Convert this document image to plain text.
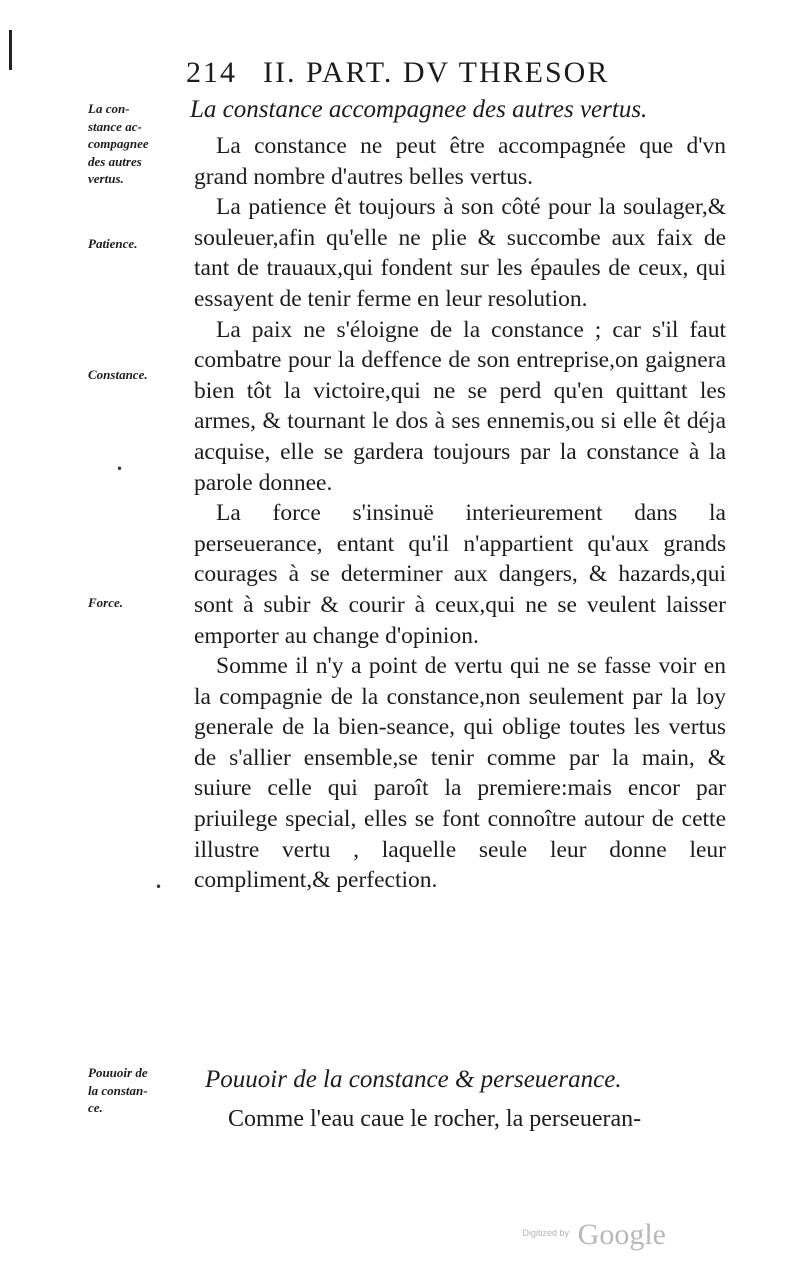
214 II. PART. DV THRESOR
La con-
stance ac-
compagnee
des autres
vertus.
Patience.
Constance.
Force.
Pouuoir de
la constan-
ce.
La constance accompagnee des autres vertus.

La constance ne peut être accompagnée que d'vn grand nombre d'autres belles vertus.

La patience êt toujours à son côté pour la soulager,& souleuer,afin qu'elle ne plie & succombe aux faix de tant de trauaux,qui fondent sur les épaules de ceux, qui essayent de tenir ferme en leur resolution.

La paix ne s'éloigne de la constance ; car s'il faut combatre pour la deffence de son entreprise,on gaignera bien tôt la victoire,qui ne se perd qu'en quittant les armes, & tournant le dos à ses ennemis,ou si elle êt déja acquise, elle se gardera toujours par la constance à la parole donnee.

La force s'insinuë interieurement dans la perseuerance, entant qu'il n'appartient qu'aux grands courages à se determiner aux dangers, & hazards,qui sont à subir & courir à ceux,qui ne se veulent laisser emporter au change d'opinion.

Somme il n'y a point de vertu qui ne se fasse voir en la compagnie de la constance,non seulement par la loy generale de la bien-seance, qui oblige toutes les vertus de s'allier ensemble,se tenir comme par la main, & suiure celle qui paroît la premiere:mais encor par priuilege special, elles se font connoître autour de cette illustre vertu , laquelle seule leur donne leur compliment,& perfection.

Pouuoir de la constance & perseuerance.
Comme l'eau caue le rocher, la perseueran-
•
•
Digitized by Google
